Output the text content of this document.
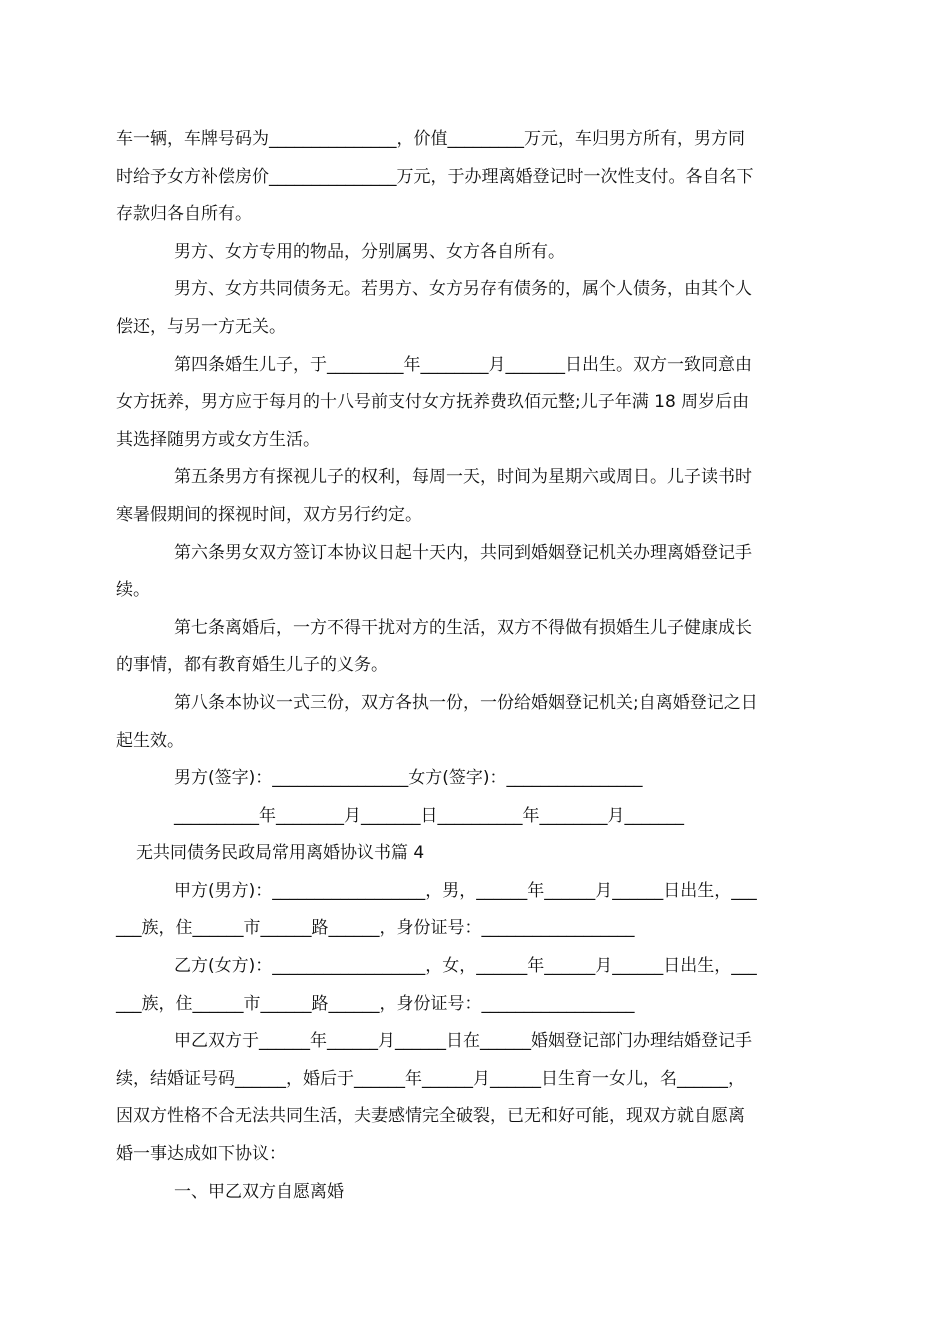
车一辆，车牌号码为_______________，价值_________万元，车归男方所有，男方同
时给予女方补偿房价_______________万元，于办理离婚登记时一次性支付。各自名下
存款归各自所有。
男方、女方专用的物品，分别属男、女方各自所有。
男方、女方共同债务无。若男方、女方另存有债务的，属个人债务，由其个人
偿还，与另一方无关。
第四条婚生儿子，于_________年________月_______日出生。双方一致同意由
女方抚养，男方应于每月的十八号前支付女方抚养费玖佰元整;儿子年满 18 周岁后由
其选择随男方或女方生活。
第五条男方有探视儿子的权利，每周一天，时间为星期六或周日。儿子读书时
寒暑假期间的探视时间，双方另行约定。
第六条男女双方签订本协议日起十天内，共同到婚姻登记机关办理离婚登记手
续。
第七条离婚后，一方不得干扰对方的生活，双方不得做有损婚生儿子健康成长
的事情，都有教育婚生儿子的义务。
第八条本协议一式三份，双方各执一份，一份给婚姻登记机关;自离婚登记之日
起生效。
男方(签字)：________________女方(签字)：________________
__________年________月_______日__________年________月_______
无共同债务民政局常用离婚协议书篇 4
甲方(男方)：__________________，男，______年______月______日出生，___
___族，住______市______路______，身份证号：__________________
乙方(女方)：__________________，女，______年______月______日出生，___
___族，住______市______路______，身份证号：__________________
甲乙双方于______年______月______日在______婚姻登记部门办理结婚登记手
续，结婚证号码______，婚后于______年______月______日生育一女儿，名______，
因双方性格不合无法共同生活，夫妻感情完全破裂，已无和好可能，现双方就自愿离
婚一事达成如下协议：
一、甲乙双方自愿离婚
